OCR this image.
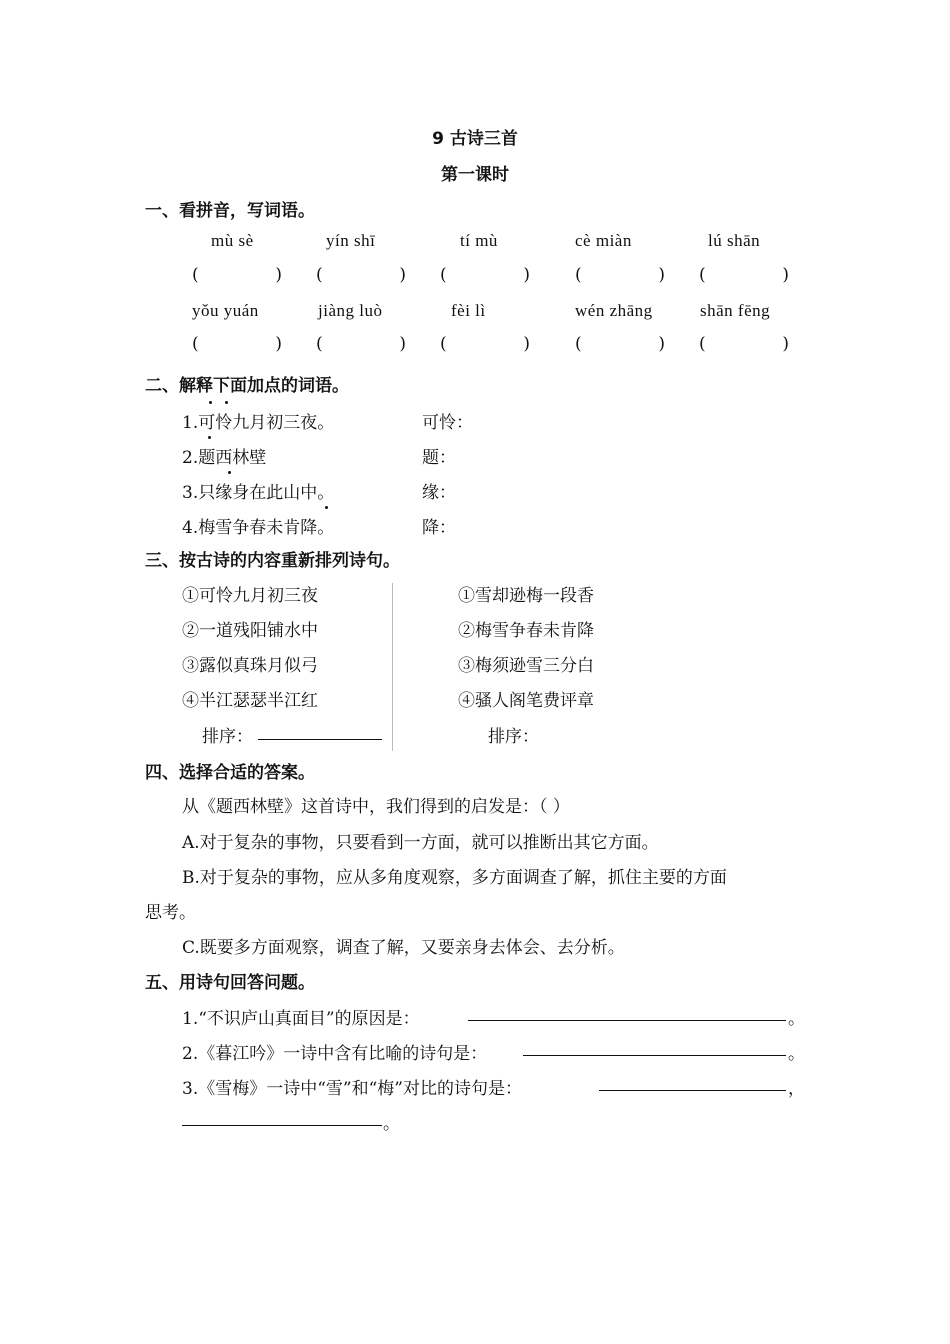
9 古诗三首
第一课时
一、看拼音，写词语。
mù sè	yín shī	tí mù	cè miàn	lú shān
(	) (	) (	)	(	) (	)
yǒu yuán	jiàng luò	fèi lì	wén zhāng	shān fēng
(	) (	) (	)	(	) (	)
二、解释下面加点的词语。
1.可怜九月初三夜。	可怜：
2.题西林壁	题：
3.只缘身在此山中。	缘：
4.梅雪争春未肯降。	降：
三、按古诗的内容重新排列诗句。
①可怜九月初三夜
②一道残阳铺水中
③露似真珠月似弓
④半江瑟瑟半江红
排序：
①雪却逊梅一段香
②梅雪争春未肯降
③梅须逊雪三分白
④骚人阁笔费评章
排序：
四、选择合适的答案。
从《题西林壁》这首诗中，我们得到的启发是：（ ）
A.对于复杂的事物，只要看到一方面，就可以推断出其它方面。
B.对于复杂的事物，应从多角度观察，多方面调查了解，抓住主要的方面
思考。
C.既要多方面观察，调查了解，又要亲身去体会、去分析。
五、用诗句回答问题。
1.“不识庐山真面目”的原因是：	。
2.《暮江吟》一诗中含有比喻的诗句是：	。
3.《雪梅》一诗中“雪”和“梅”对比的诗句是：	，
。
